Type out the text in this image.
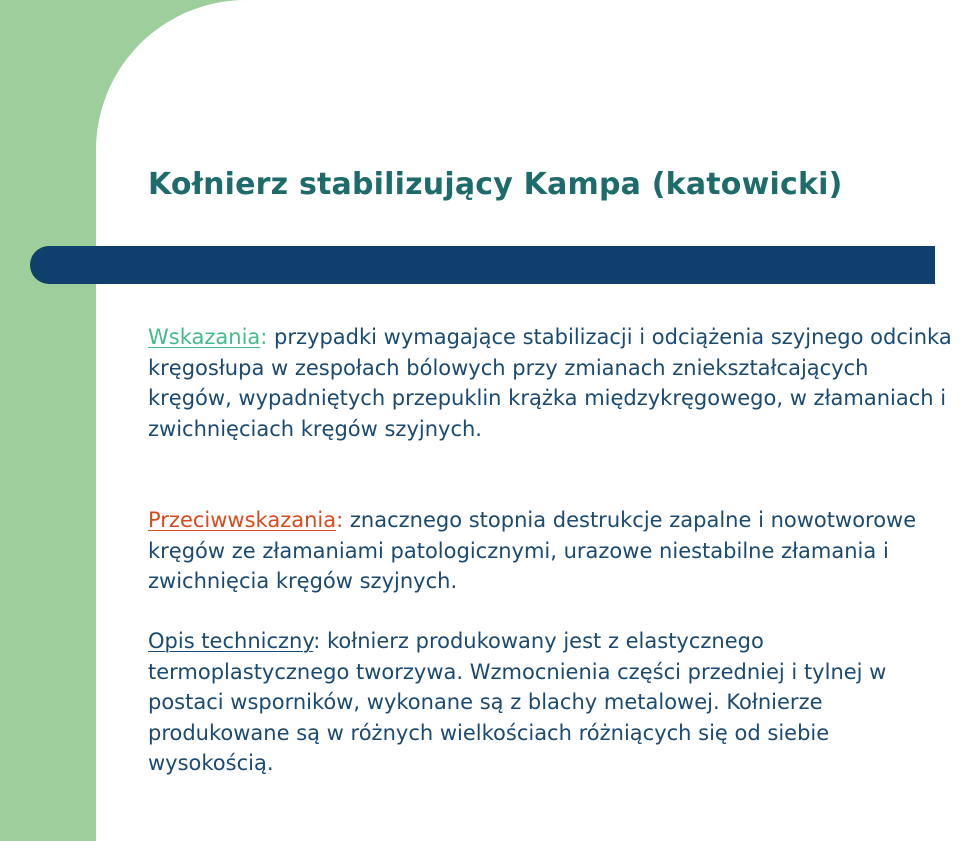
Kołnierz stabilizujący Kampa (katowicki)

Wskazania: przypadki wymagające stabilizacji i odciążenia szyjnego odcinka kręgosłupa w zespołach bólowych przy zmianach zniekształcających kręgów, wypadniętych przepuklin krążka międzykręgowego, w złamaniach i zwichnięciach kręgów szyjnych.

Przeciwwskazania: znacznego stopnia destrukcje zapalne i nowotworowe kręgów ze złamaniami patologicznymi, urazowe niestabilne złamania i zwichnięcia kręgów szyjnych.

Opis techniczny: kołnierz produkowany jest z elastycznego termoplastycznego tworzywa. Wzmocnienia części przedniej i tylnej w postaci wsporników, wykonane są z blachy metalowej. Kołnierze produkowane są w różnych wielkościach różniących się od siebie wysokością.
